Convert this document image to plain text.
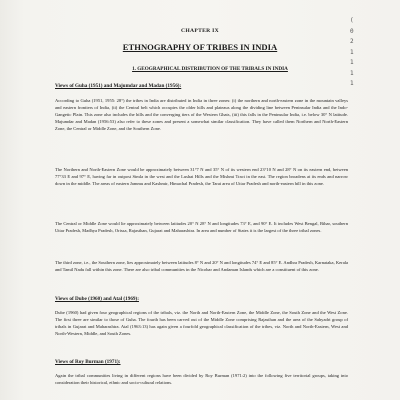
(
0
2
1
1
1
1

CHAPTER IX

ETHNOGRAPHY OF TRIBES IN INDIA

1. GEOGRAPHICAL DISTRIBUTION OF THE TRIBALS IN INDIA

Views of Guha (1951) and Majumdar and Madan (1956):

According to Guha (1951, 1955: 28°) the tribes in India are distributed in India in three zones: (i) the northern and north-eastern zone in the mountain valleys and eastern frontiers of India, (ii) the Central belt which occupies the older hills and plateaus along the dividing line between Peninsular India and the Indo-Gangetic Plain. This zone also includes the hills and the converging tiers of the Western Ghats, (iii) this falls in the Peninsular India, i.e. below 30° N latitude. Majumdar and Madan (1956:53) also refer to these zones and present a somewhat similar classification. They have called them Northern and North-Eastern Zone, the Central or Middle Zone, and the Southern Zone.

The Northern and North-Eastern Zone would be approximately between 31°7 N and 35° N of its western end 23°10 N and 28° N on its eastern end, between 77°33 E and 97° E, having far in outpost Simla in the west and the Lushai Hills and the Mishmi Tract in the east. The region broadens at its ends and narrow down in the middle. The areas of eastern Jammu and Kashmir, Himachal Pradesh, the Tarai area of Uttar Pradesh and north-eastern hill in this zone.

The Central or Middle Zone would lie approximately between latitudes 20° N 28° N and longitudes 73° E, and 90° E. It includes West Bengal, Bihar, southern Uttar Pradesh, Madhya Pradesh, Orissa, Rajasthan, Gujarat and Maharashtra. In area and number of States it is the largest of the three tribal zones.

The third zone, i.e., the Southern zone, lies approximately between latitudes 8° N and 20° N and longitudes 74° E and 85° E. Andhra Pradesh, Karnataka, Kerala and Tamil Nadu fall within this zone. There are also tribal communities in the Nicobar and Andaman Islands which are a constituent of this zone.

Views of Dube (1960) and Atal (1969):

Dube (1960) had given four geographical regions of the tribals, viz. the North and North-Eastern Zone, the Middle Zone, the South Zone and the West Zone. The first three are similar to those of Guha. The fourth has been carved out of the Middle Zone comprising Rajasthan and the area of the Sahyadri group of tribals in Gujarat and Maharashtra. Atal (1963:13) has again given a fourfold geographical classification of the tribes, viz. North and North-Eastern, West and North-Western, Middle, and South Zones.

Views of Roy Burman (1971):

Again the tribal communities living in different regions have been divided by Roy Burman (1971:2) into the following five territorial groups, taking into consideration their historical, ethnic and socio-cultural relations.
